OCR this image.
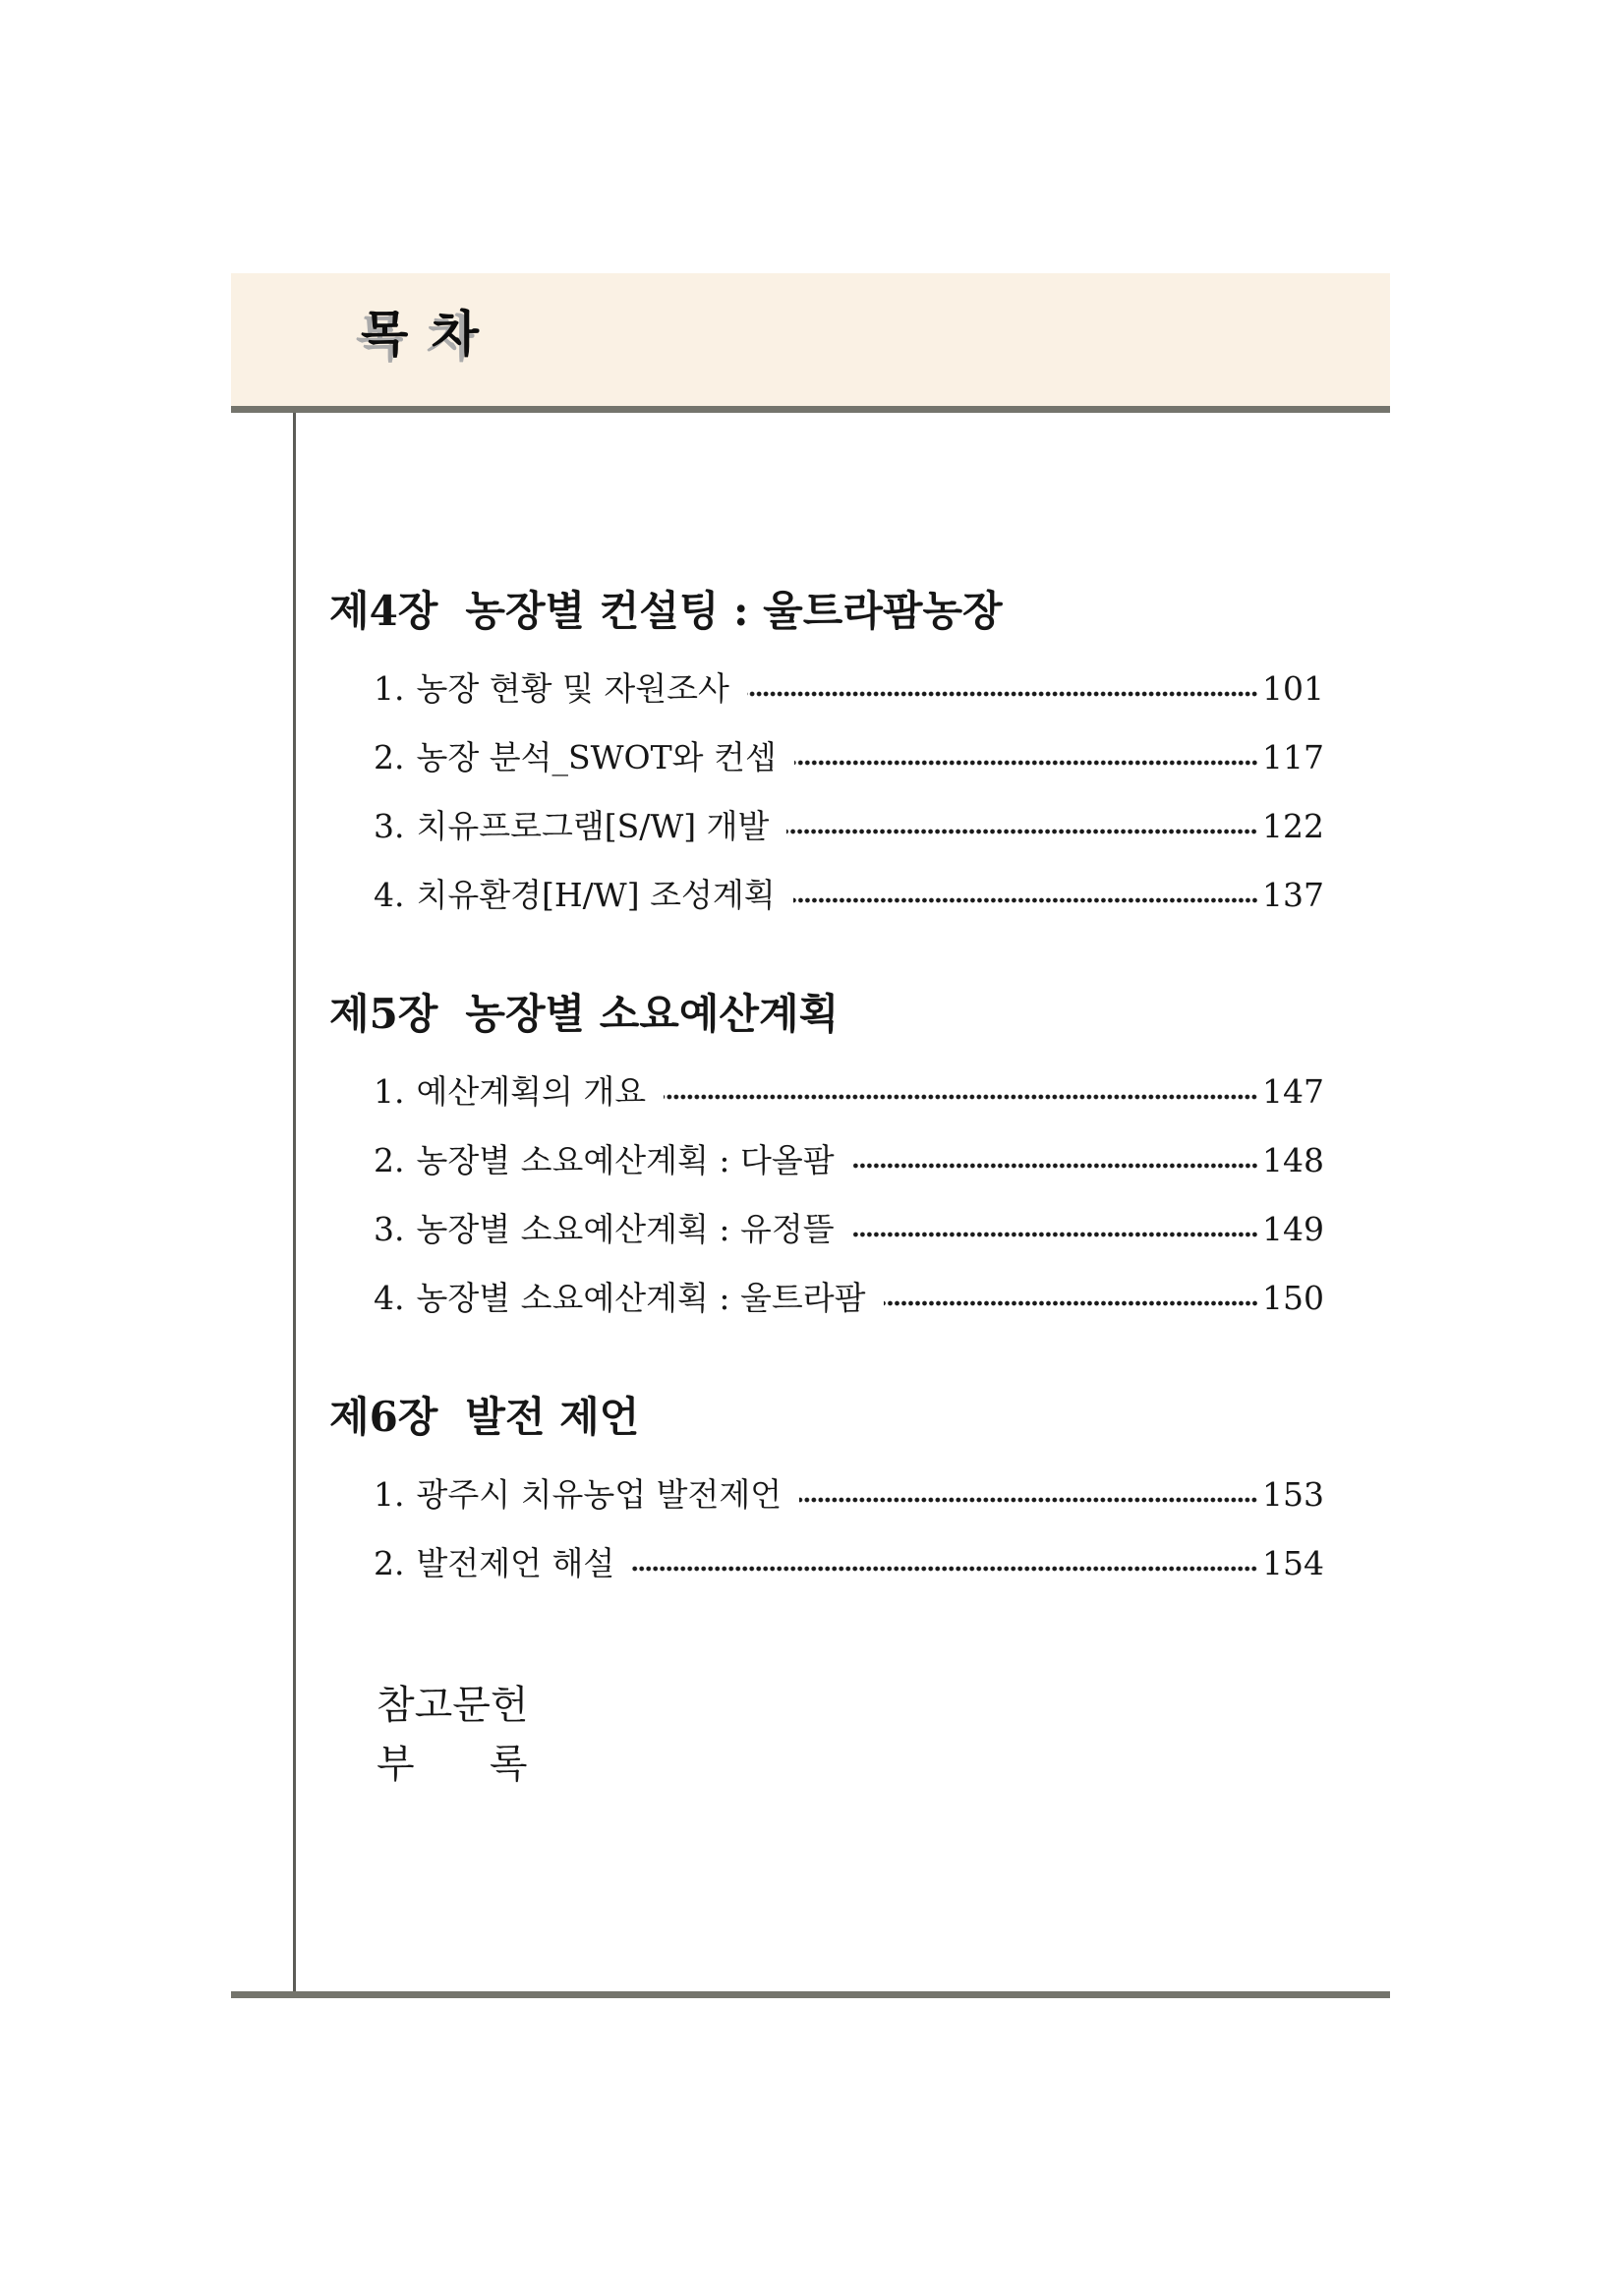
목 차
제4장 농장별 컨설팅 : 울트라팜농장
1. 농장 현황 및 자원조사	101
2. 농장 분석_SWOT와 컨셉	117
3. 치유프로그램[S/W] 개발	122
4. 치유환경[H/W] 조성계획	137
제5장 농장별 소요예산계획
1. 예산계획의 개요	147
2. 농장별 소요예산계획 : 다올팜	148
3. 농장별 소요예산계획 : 유정뜰	149
4. 농장별 소요예산계획 : 울트라팜	150
제6장 발전 제언
1. 광주시 치유농업 발전제언	153
2. 발전제언 해설	154
참고문헌
부      록
